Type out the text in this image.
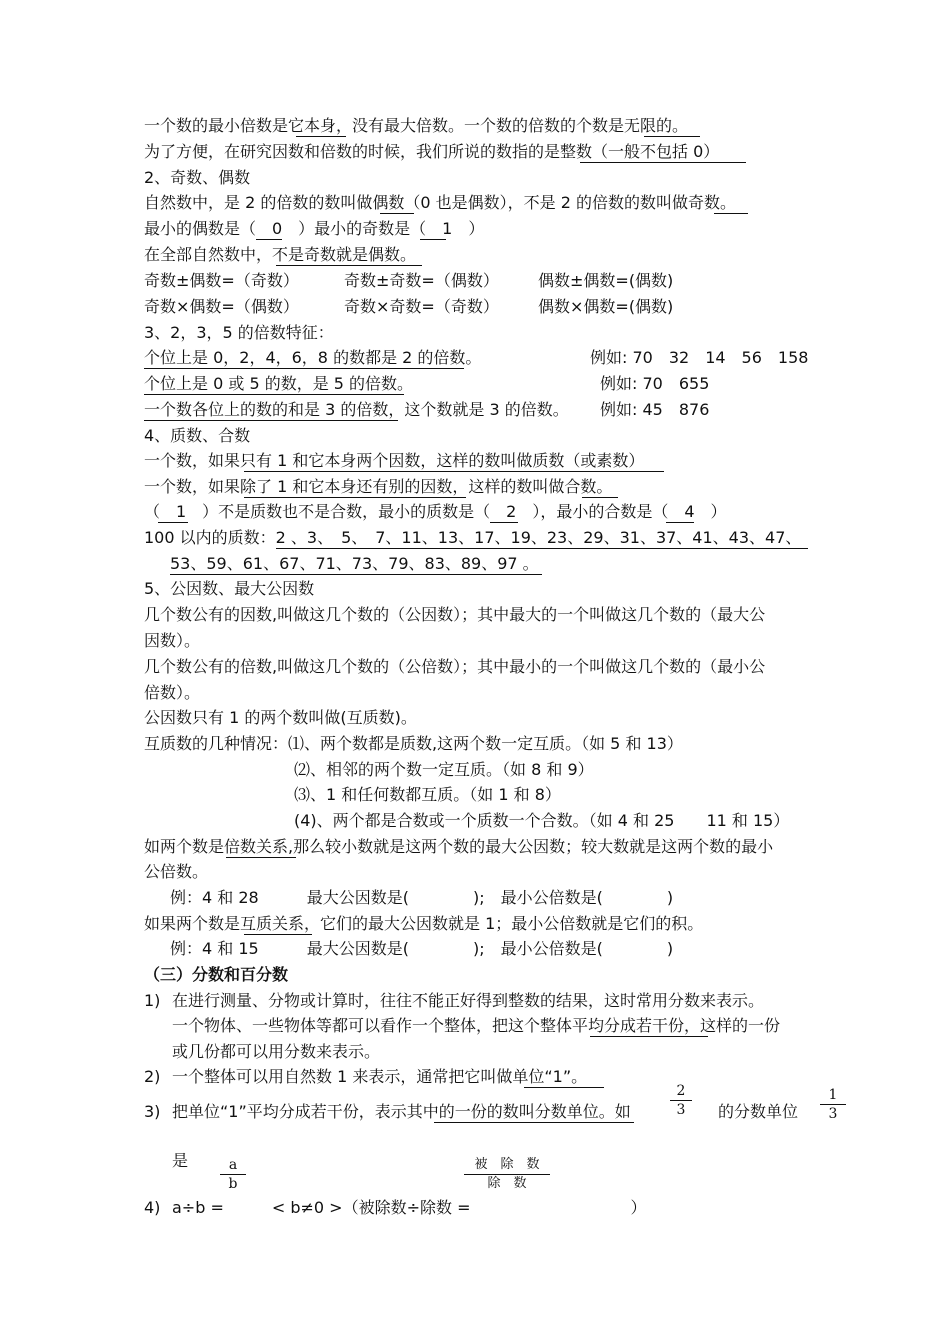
一个数的最小倍数是它本身，没有最大倍数。一个数的倍数的个数是无限的。
为了方便，在研究因数和倍数的时候，我们所说的数指的是整数（一般不包括 0）
2、奇数、偶数
自然数中，是 2 的倍数的数叫做偶数（0 也是偶数），不是 2 的倍数的数叫做奇数。
最小的偶数是（　0　）最小的奇数是（　1　）
在全部自然数中，不是奇数就是偶数。
奇数±偶数=（奇数）	奇数±奇数=（偶数） 偶数±偶数=(偶数)
奇数×偶数=（偶数）	奇数×奇数=（奇数） 偶数×偶数=(偶数)
3、2，3，5 的倍数特征：
个位上是 0，2，4，6，8 的数都是 2 的倍数。	例如: 70　32　14　56　158
个位上是 0 或 5 的数，是 5 的倍数。	例如: 70　655
一个数各位上的数的和是 3 的倍数，这个数就是 3 的倍数。 例如: 45　876
4、质数、合数
一个数，如果只有 1 和它本身两个因数，这样的数叫做质数（或素数）
一个数，如果除了 1 和它本身还有别的因数，这样的数叫做合数。
（　1　）不是质数也不是合数，最小的质数是（　2　），最小的合数是（　4　）
100 以内的质数：2 、3、　5、　7、11、13、17、19、23、29、31、37、41、43、47、
53、59、61、67、71、73、79、83、89、97 。
5、公因数、最大公因数
几个数公有的因数,叫做这几个数的（公因数）；其中最大的一个叫做这几个数的（最大公
因数）。
几个数公有的倍数,叫做这几个数的（公倍数）；其中最小的一个叫做这几个数的（最小公
倍数）。
公因数只有 1 的两个数叫做(互质数)。
互质数的几种情况：⑴、两个数都是质数,这两个数一定互质。（如 5 和 13）
⑵、相邻的两个数一定互质。（如 8 和 9）
⑶、1 和任何数都互质。（如 1 和 8）
(4)、两个都是合数或一个质数一个合数。（如 4 和 25　　11 和 15）
如两个数是倍数关系,那么较小数就是这两个数的最大公因数；较大数就是这两个数的最小
公倍数。
例：4 和 28　　　最大公因数是(　　　　);　最小公倍数是(　　　　)
如果两个数是互质关系，它们的最大公因数就是 1；最小公倍数就是它们的积。
例：4 和 15　　　最大公因数是(　　　　);　最小公倍数是(　　　　)
（三）分数和百分数
1) 在进行测量、分物或计算时，往往不能正好得到整数的结果，这时常用分数来表示。
一个物体、一些物体等都可以看作一个整体，把这个整体平均分成若干份，这样的一份
或几份都可以用分数来表示。
2) 一个整体可以用自然数 1 来表示，通常把它叫做单位“1”。
3) 把单位“1”平均分成若干份，表示其中的一份的数叫分数单位。如
2
3	的分数单位
1
3
是	a
b
被　除　数
除　数
4) a÷b =　　　< b≠0 >（被除数÷除数 =　　　　　　　　　　）
